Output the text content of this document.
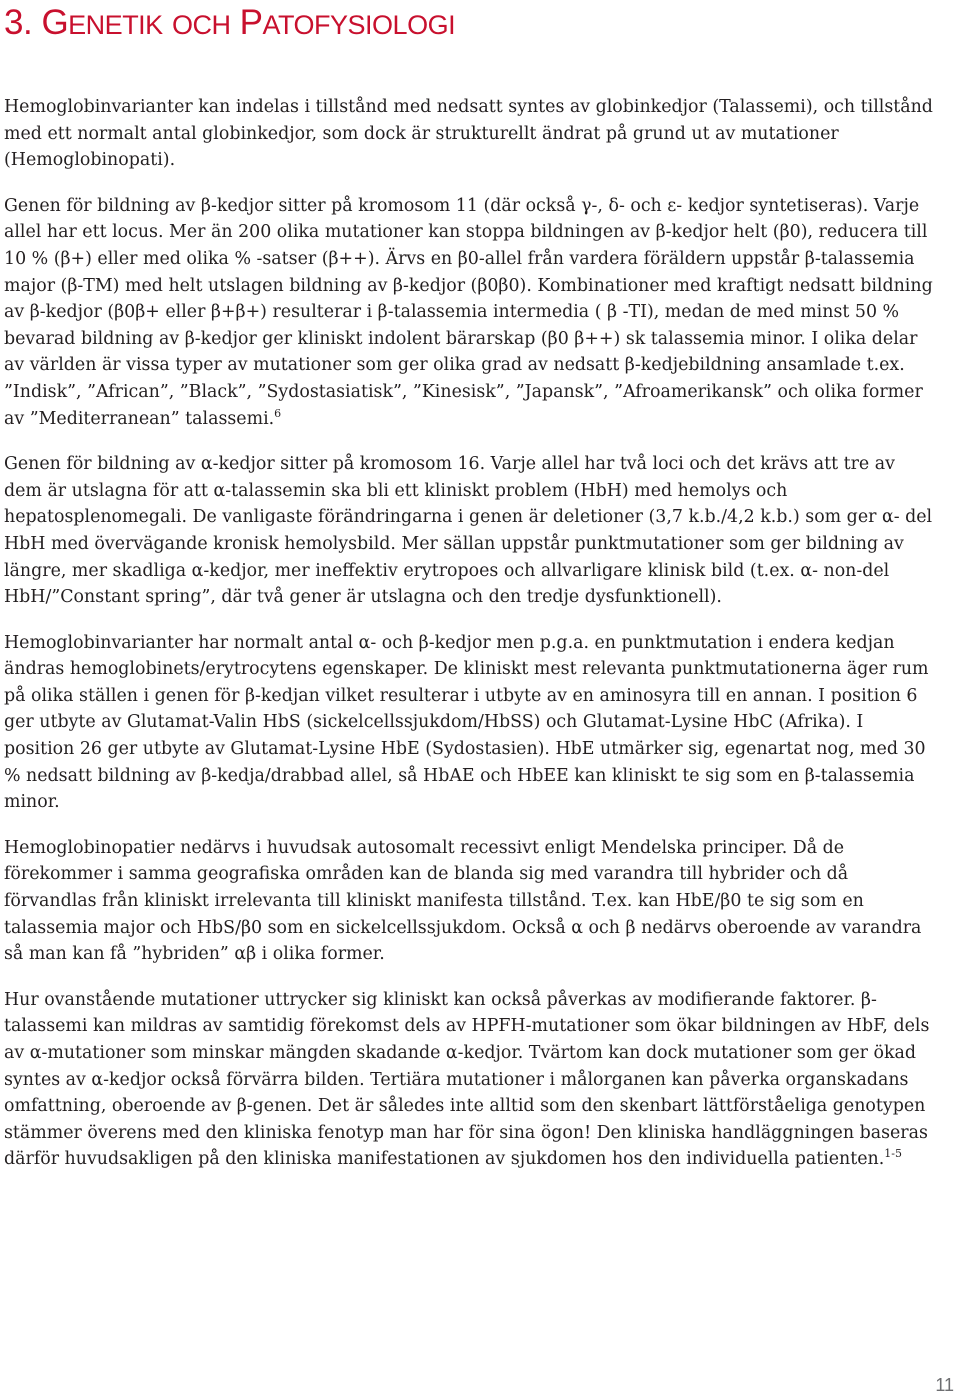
3. GENETIK OCH PATOFYSIOLOGI

Hemoglobinvarianter kan indelas i tillstånd med nedsatt syntes av globinkedjor (Talassemi), och tillstånd med ett normalt antal globinkedjor, som dock är strukturellt ändrat på grund ut av mutationer (Hemoglobinopati).

Genen för bildning av β-kedjor sitter på kromosom 11 (där också γ-, δ- och ε- kedjor syntetiseras). Varje allel har ett locus. Mer än 200 olika mutationer kan stoppa bildningen av β-kedjor helt (β0), reducera till 10 % (β+) eller med olika % -satser (β++). Ärvs en β0-allel från vardera föräldern uppstår β-talassemia major (β-TM) med helt utslagen bildning av β-kedjor (β0β0). Kombinationer med kraftigt nedsatt bildning av β-kedjor (β0β+ eller β+β+) resulterar i β-talassemia intermedia ( β -TI), medan de med minst 50 % bevarad bildning av β-kedjor ger kliniskt indolent bärarskap (β0 β++) sk talassemia minor. I olika delar av världen är vissa typer av mutationer som ger olika grad av nedsatt β-kedjebildning ansamlade t.ex. ”Indisk”, ”African”, ”Black”, ”Sydostasiatisk”, ”Kinesisk”, ”Japansk”, ”Afroamerikansk” och olika former av ”Mediterranean” talassemi.$^6$

Genen för bildning av α-kedjor sitter på kromosom 16. Varje allel har två loci och det krävs att tre av dem är utslagna för att α-talassemin ska bli ett kliniskt problem (HbH) med hemolys och hepatosplenomegali. De vanligaste förändringarna i genen är deletioner (3,7 k.b./4,2 k.b.) som ger α- del HbH med övervägande kronisk hemolysbild. Mer sällan uppstår punktmutationer som ger bildning av längre, mer skadliga α-kedjor, mer ineffektiv erytropoes och allvarligare klinisk bild (t.ex. α- non-del HbH/”Constant spring”, där två gener är utslagna och den tredje dysfunktionell).

Hemoglobinvarianter har normalt antal α- och β-kedjor men p.g.a. en punktmutation i endera kedjan ändras hemoglobinets/erytrocytens egenskaper. De kliniskt mest relevanta punktmutationerna äger rum på olika ställen i genen för β-kedjan vilket resulterar i utbyte av en aminosyra till en annan. I position 6 ger utbyte av Glutamat-Valin HbS (sickelcellssjukdom/HbSS) och Glutamat-Lysine HbC (Afrika). I position 26 ger utbyte av Glutamat-Lysine HbE (Sydostasien). HbE utmärker sig, egenartat nog, med 30 % nedsatt bildning av β-kedja/drabbad allel, så HbAE och HbEE kan kliniskt te sig som en β-talassemia minor.

Hemoglobinopatier nedärvs i huvudsak autosomalt recessivt enligt Mendelska principer. Då de förekommer i samma geografiska områden kan de blanda sig med varandra till hybrider och då förvandlas från kliniskt irrelevanta till kliniskt manifesta tillstånd. T.ex. kan HbE/β0 te sig som en talassemia major och HbS/β0 som en sickelcellssjukdom. Också α och β nedärvs oberoende av varandra så man kan få ”hybriden” αβ i olika former.

Hur ovanstående mutationer uttrycker sig kliniskt kan också påverkas av modifierande faktorer. β-talassemi kan mildras av samtidig förekomst dels av HPFH-mutationer som ökar bildningen av HbF, dels av α-mutationer som minskar mängden skadande α-kedjor. Tvärtom kan dock mutationer som ger ökad syntes av α-kedjor också förvärra bilden. Tertiära mutationer i målorganen kan påverka organskadans omfattning, oberoende av β-genen. Det är således inte alltid som den skenbart lättförståeliga genotypen stämmer överens med den kliniska fenotyp man har för sina ögon! Den kliniska handläggningen baseras därför huvudsakligen på den kliniska manifestationen av sjukdomen hos den individuella patienten.$^{1-5}$

11
